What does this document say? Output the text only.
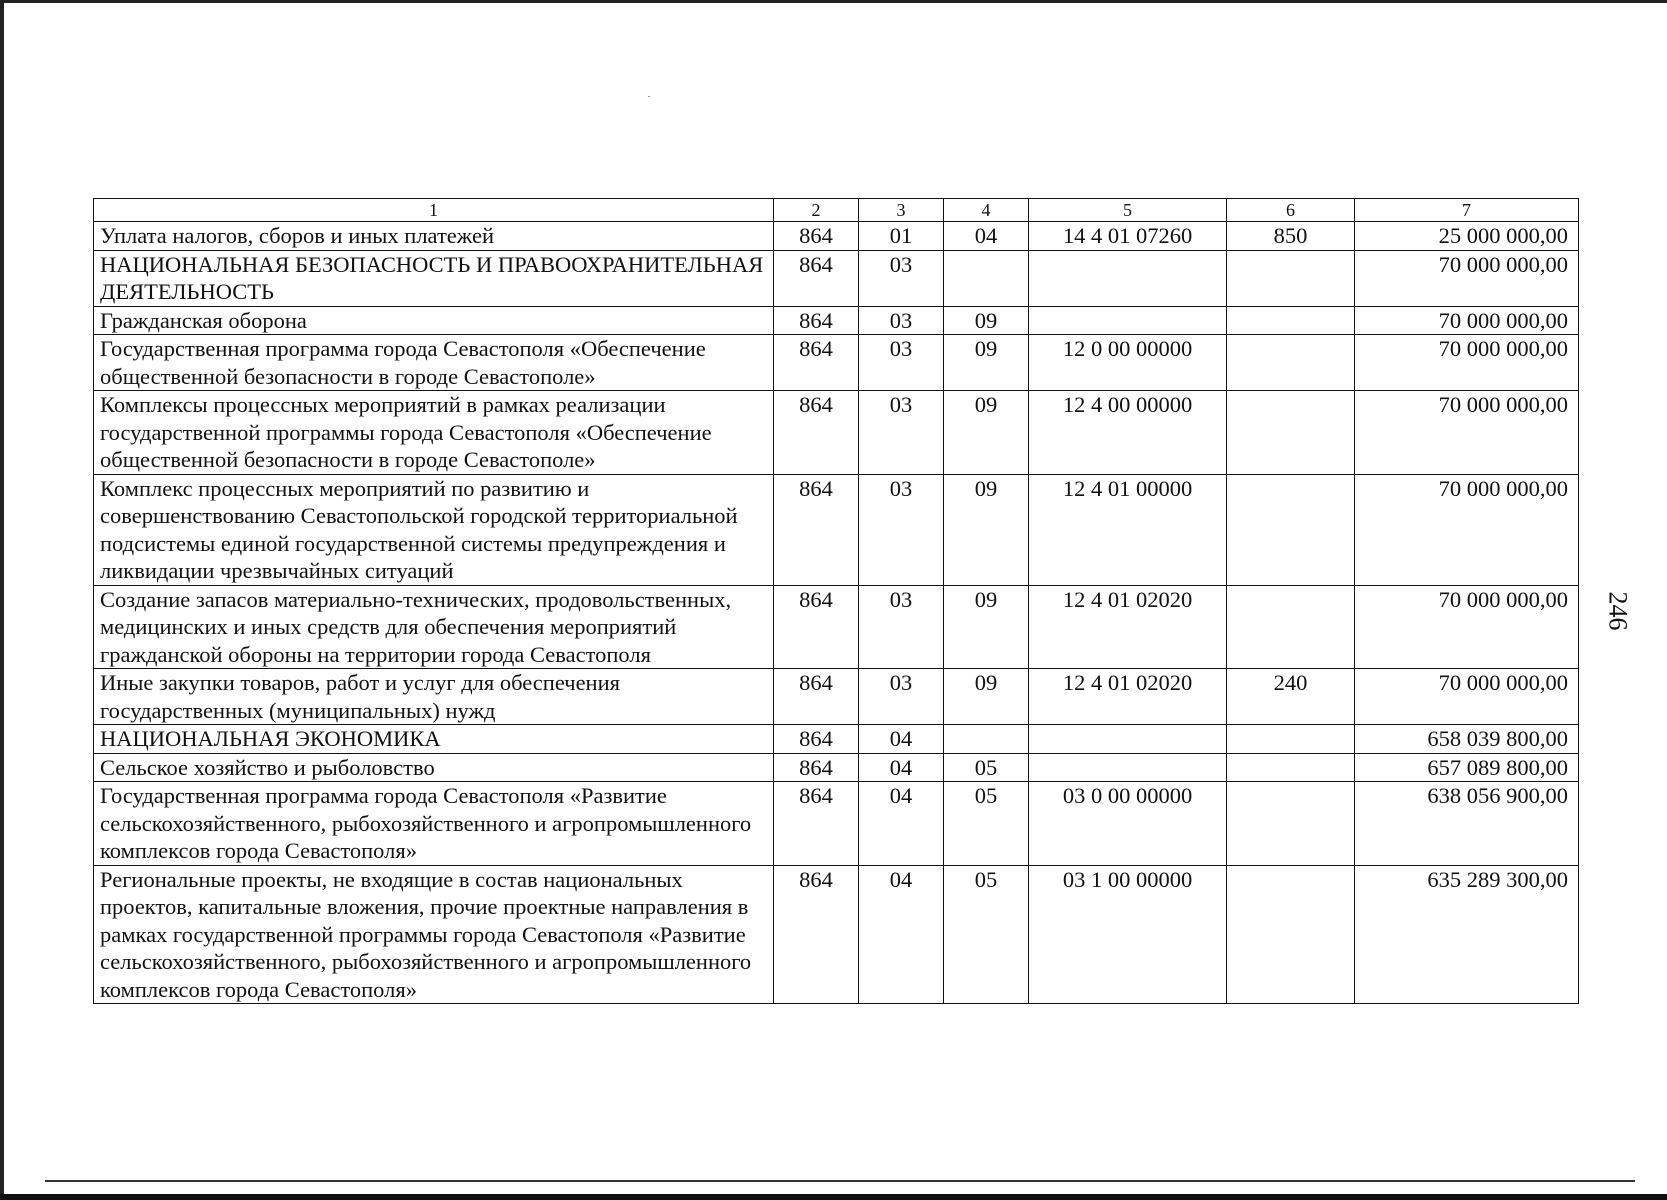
1	2	3	4	5	6	7
Уплата налогов, сборов и иных платежей	864	01	04	14 4 01 07260	850	25 000 000,00
НАЦИОНАЛЬНАЯ БЕЗОПАСНОСТЬ И ПРАВООХРАНИТЕЛЬНАЯ ДЕЯТЕЛЬНОСТЬ	864	03				70 000 000,00
Гражданская оборона	864	03	09			70 000 000,00
Государственная программа города Севастополя «Обеспечение общественной безопасности в городе Севастополе»	864	03	09	12 0 00 00000		70 000 000,00
Комплексы процессных мероприятий в рамках реализации государственной программы города Севастополя «Обеспечение общественной безопасности в городе Севастополе»	864	03	09	12 4 00 00000		70 000 000,00
Комплекс процессных мероприятий по развитию и совершенствованию Севастопольской городской территориальной подсистемы единой государственной системы предупреждения и ликвидации чрезвычайных ситуаций	864	03	09	12 4 01 00000		70 000 000,00
Создание запасов материально-технических, продовольственных, медицинских и иных средств для обеспечения мероприятий гражданской обороны на территории города Севастополя	864	03	09	12 4 01 02020		70 000 000,00
Иные закупки товаров, работ и услуг для обеспечения государственных (муниципальных) нужд	864	03	09	12 4 01 02020	240	70 000 000,00
НАЦИОНАЛЬНАЯ ЭКОНОМИКА	864	04				658 039 800,00
Сельское хозяйство и рыболовство	864	04	05			657 089 800,00
Государственная программа города Севастополя «Развитие сельскохозяйственного, рыбохозяйственного и агропромышленного комплексов города Севастополя»	864	04	05	03 0 00 00000		638 056 900,00
Региональные проекты, не входящие в состав национальных проектов, капитальные вложения, прочие проектные направления в рамках государственной программы города Севастополя «Развитие сельскохозяйственного, рыбохозяйственного и агропромышленного комплексов города Севастополя»	864	04	05	03 1 00 00000		635 289 300,00
246
